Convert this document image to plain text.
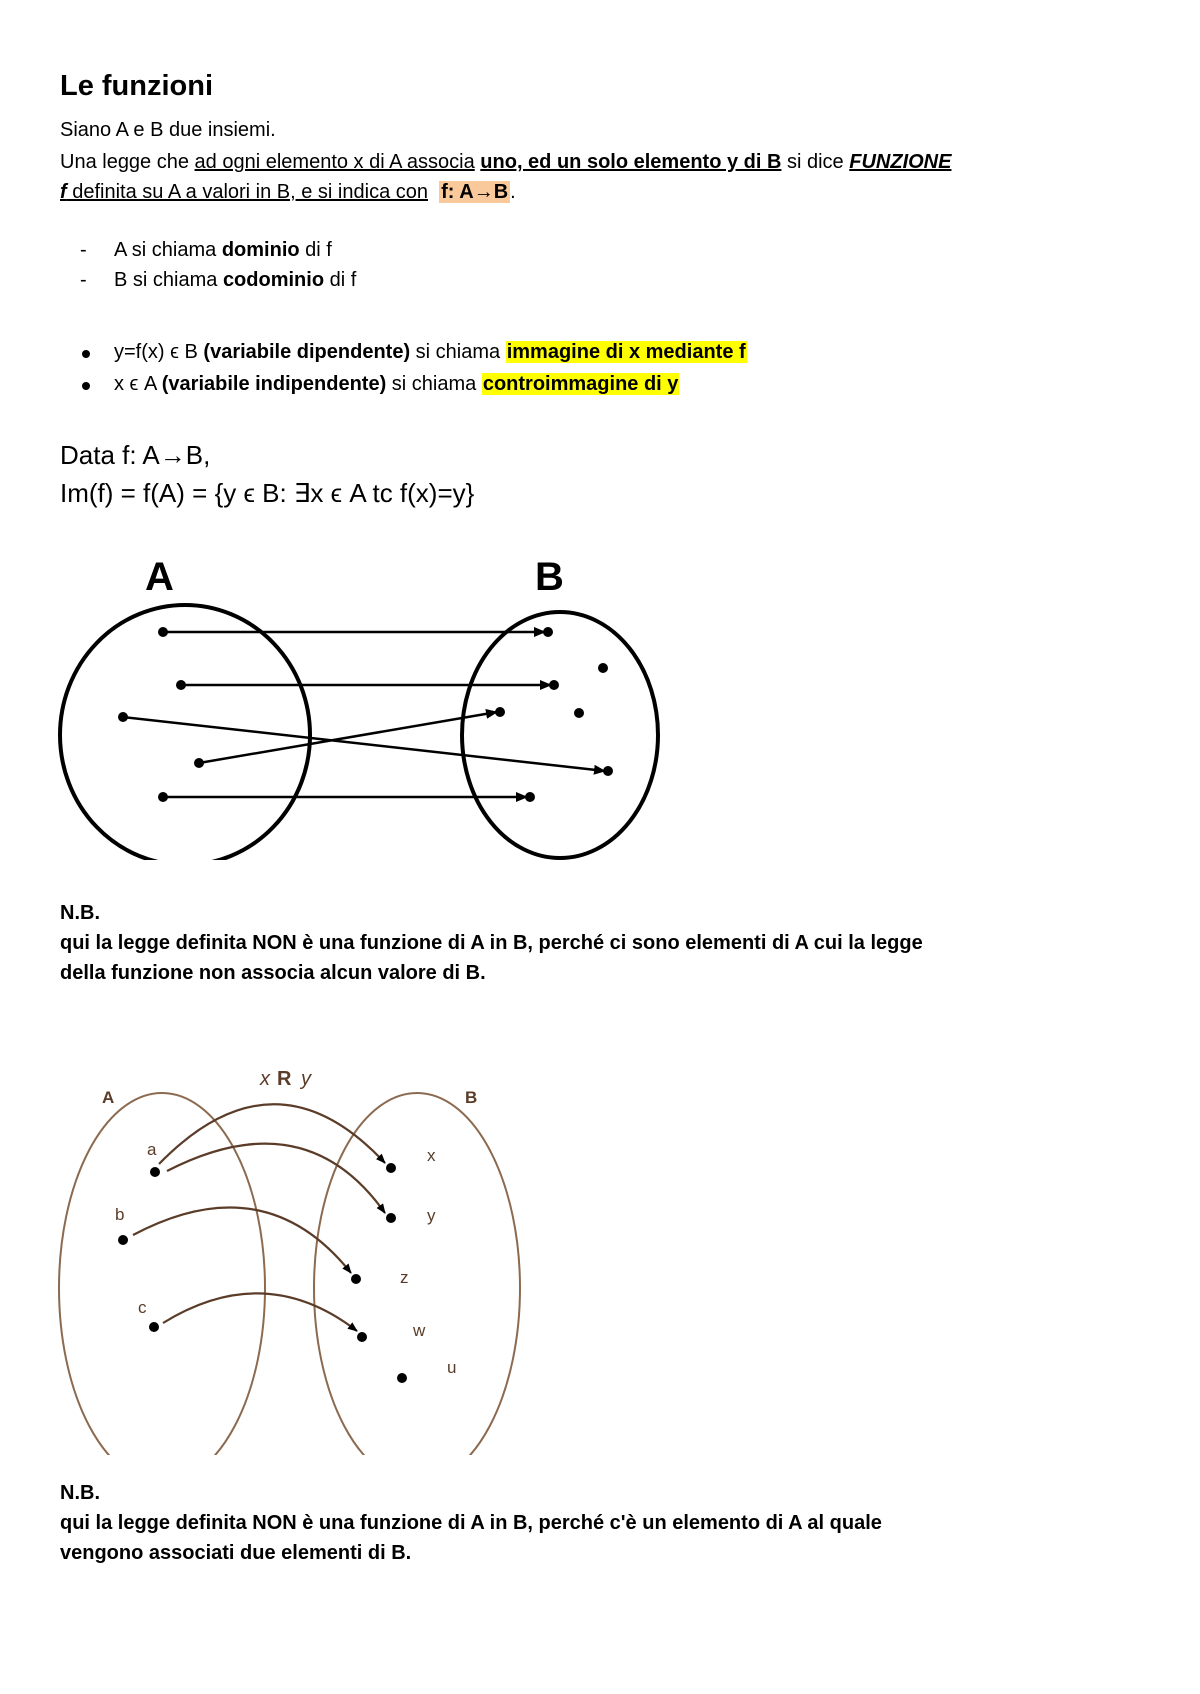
Le funzioni
Siano A e B due insiemi.
Una legge che ad ogni elemento x di A associa uno, ed un solo elemento y di B si dice FUNZIONE
f definita su A a valori in B, e si indica con f: A→B .
-	A si chiama dominio di f
-	B si chiama codominio di f
y=f(x) ϵ B (variabile dipendente) si chiama immagine di x mediante f
x ϵ A (variabile indipendente) si chiama controimmagine di y
Data f: A→B,
Im(f) = f(A) = {y ϵ B: ∃x ϵ A tc f(x)=y}
A	B
N.B.
qui la legge definita NON è una funzione di A in B, perché ci sono elementi di A cui la legge
della funzione non associa alcun valore di B.
x R y
A	B
a
b
c
x
y
z
w
u
N.B.
qui la legge definita NON è una funzione di A in B, perché c'è un elemento di A al quale
vengono associati due elementi di B.
